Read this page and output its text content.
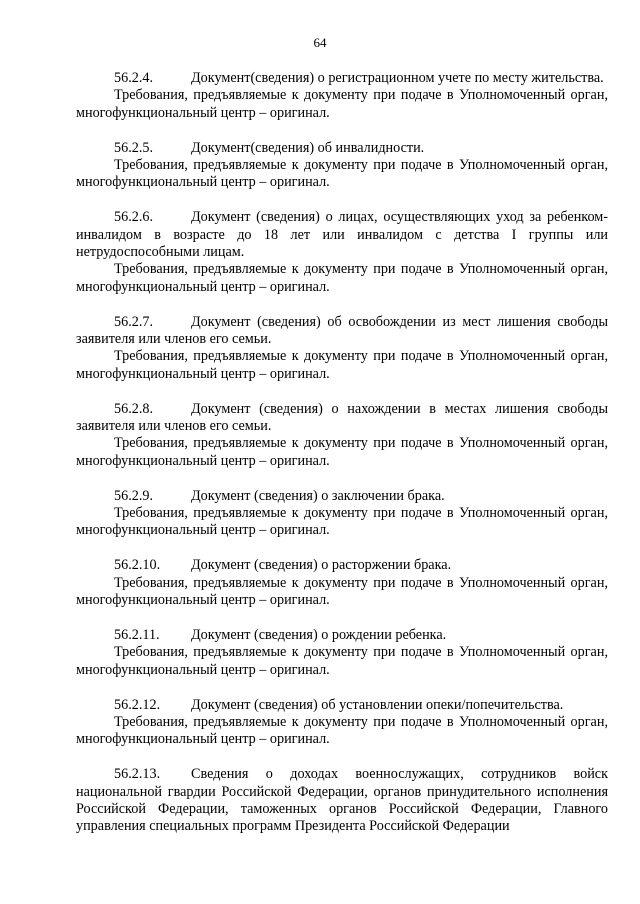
64

56.2.4.	Документ(сведения) о регистрационном учете по месту жительства.

Требования, предъявляемые к документу при подаче в Уполномоченный орган, многофункциональный центр – оригинал.

56.2.5.	Документ(сведения) об инвалидности.

Требования, предъявляемые к документу при подаче в Уполномоченный орган, многофункциональный центр – оригинал.

56.2.6.	Документ (сведения) о лицах, осуществляющих уход за ребенком-инвалидом в возрасте до 18 лет или инвалидом с детства I группы или нетрудоспособными лицам.

Требования, предъявляемые к документу при подаче в Уполномоченный орган, многофункциональный центр – оригинал.

56.2.7.	Документ (сведения) об освобождении из мест лишения свободы заявителя или членов его семьи.

Требования, предъявляемые к документу при подаче в Уполномоченный орган, многофункциональный центр – оригинал.

56.2.8.	Документ (сведения) о нахождении в местах лишения свободы заявителя или членов его семьи.

Требования, предъявляемые к документу при подаче в Уполномоченный орган, многофункциональный центр – оригинал.

56.2.9.	Документ (сведения) о заключении брака.

Требования, предъявляемые к документу при подаче в Уполномоченный орган, многофункциональный центр – оригинал.

56.2.10. Документ (сведения) о расторжении брака.

Требования, предъявляемые к документу при подаче в Уполномоченный орган, многофункциональный центр – оригинал.

56.2.11. Документ (сведения) о рождении ребенка.

Требования, предъявляемые к документу при подаче в Уполномоченный орган, многофункциональный центр – оригинал.

56.2.12. Документ (сведения) об установлении опеки/попечительства.

Требования, предъявляемые к документу при подаче в Уполномоченный орган, многофункциональный центр – оригинал.

56.2.13. Сведения о доходах военнослужащих, сотрудников войск национальной гвардии Российской Федерации, органов принудительного исполнения Российской Федерации, таможенных органов Российской Федерации, Главного управления специальных программ Президента Российской Федерации
